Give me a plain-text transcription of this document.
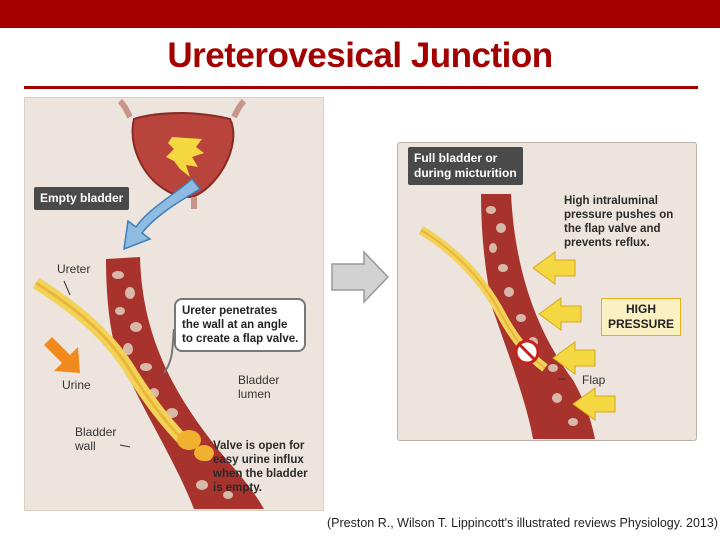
Ureterovesical Junction
Empty bladder
Ureter
Urine
Bladder
wall
Bladder
lumen
Ureter penetrates
the wall at an angle
to create a flap valve.
Valve is open for
easy urine influx
when the bladder
is empty.
Full bladder or
during micturition
High intraluminal
pressure pushes on
the flap valve and
prevents reflux.
HIGH
PRESSURE
Flap
(Preston R., Wilson T. Lippincott's illustrated reviews Physiology. 2013)
